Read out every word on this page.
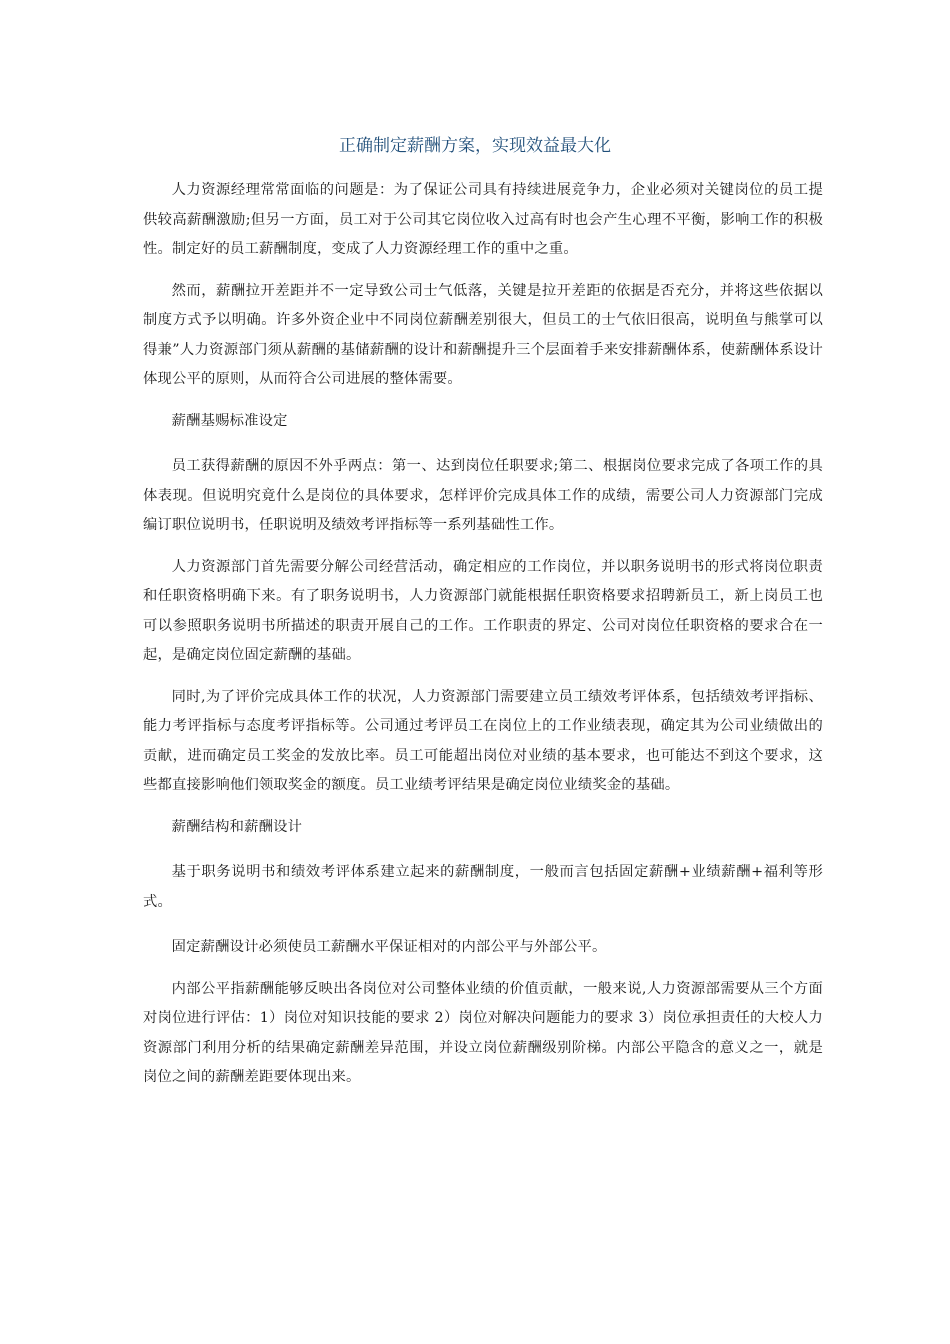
正确制定薪酬方案，实现效益最大化

人力资源经理常常面临的问题是：为了保证公司具有持续进展竞争力，企业必须对关键岗位的员工提供较高薪酬激励;但另一方面，员工对于公司其它岗位收入过高有时也会产生心理不平衡，影响工作的积极性。制定好的员工薪酬制度，变成了人力资源经理工作的重中之重。

然而，薪酬拉开差距并不一定导致公司士气低落，关键是拉开差距的依据是否充分，并将这些依据以制度方式予以明确。许多外资企业中不同岗位薪酬差别很大，但员工的士气依旧很高，说明鱼与熊掌可以得兼”人力资源部门须从薪酬的基储薪酬的设计和薪酬提升三个层面着手来安排薪酬体系，使薪酬体系设计体现公平的原则，从而符合公司进展的整体需要。

薪酬基赐标准设定

员工获得薪酬的原因不外乎两点：第一、达到岗位任职要求;第二、根据岗位要求完成了各项工作的具体表现。但说明究竟什么是岗位的具体要求，怎样评价完成具体工作的成绩，需要公司人力资源部门完成编订职位说明书，任职说明及绩效考评指标等一系列基础性工作。

人力资源部门首先需要分解公司经营活动，确定相应的工作岗位，并以职务说明书的形式将岗位职责和任职资格明确下来。有了职务说明书，人力资源部门就能根据任职资格要求招聘新员工，新上岗员工也可以参照职务说明书所描述的职责开展自己的工作。工作职责的界定、公司对岗位任职资格的要求合在一起，是确定岗位固定薪酬的基础。

同时,为了评价完成具体工作的状况，人力资源部门需要建立员工绩效考评体系，包括绩效考评指标、能力考评指标与态度考评指标等。公司通过考评员工在岗位上的工作业绩表现，确定其为公司业绩做出的贡献，进而确定员工奖金的发放比率。员工可能超出岗位对业绩的基本要求，也可能达不到这个要求，这些都直接影响他们领取奖金的额度。员工业绩考评结果是确定岗位业绩奖金的基础。

薪酬结构和薪酬设计

基于职务说明书和绩效考评体系建立起来的薪酬制度，一般而言包括固定薪酬+业绩薪酬+福利等形式。

固定薪酬设计必须使员工薪酬水平保证相对的内部公平与外部公平。

内部公平指薪酬能够反映出各岗位对公司整体业绩的价值贡献，一般来说,人力资源部需要从三个方面对岗位进行评估：1）岗位对知识技能的要求 2）岗位对解决问题能力的要求 3）岗位承担责任的大校人力资源部门利用分析的结果确定薪酬差异范围，并设立岗位薪酬级别阶梯。内部公平隐含的意义之一，就是岗位之间的薪酬差距要体现出来。
